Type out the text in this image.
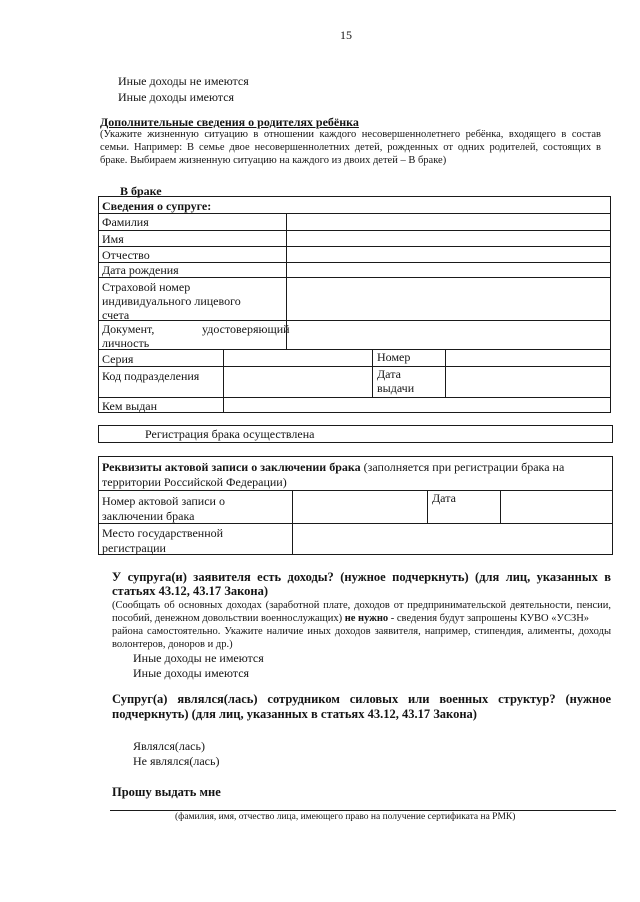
15
Иные доходы не имеются
Иные доходы имеются
Дополнительные сведения о родителях ребёнка
(Укажите жизненную ситуацию в отношении каждого несовершеннолетнего ребёнка, входящего в состав
семьи. Например: В семье двое несовершеннолетних детей, рожденных от одних родителей, состоящих в
браке. Выбираем жизненную ситуацию на каждого из двоих детей – В браке)
В браке
Сведения о супруге:
Фамилия
Имя
Отчество
Дата рождения
Страховой номер
индивидуального лицевого
счета
Документ,	удостоверяющий
личность
Серия	Номер
Код подразделения	Дата
выдачи
Кем выдан
Регистрация брака осуществлена
Реквизиты актовой записи о заключении брака (заполняется при регистрации брака на
территории Российской Федерации)
Номер актовой записи о
заключении брака
Дата
Место государственной
регистрации
У супруга(и) заявителя есть доходы? (нужное подчеркнуть) (для лиц, указанных в
статьях 43.12, 43.17 Закона)
(Сообщать об основных доходах (заработной плате, доходов от предпринимательской деятельности, пенсии,
пособий, денежном довольствии военнослужащих) не нужно - сведения будут запрошены КУВО «УСЗН»
района самостоятельно. Укажите наличие иных доходов заявителя, например, стипендия, алименты, доходы
волонтеров, доноров и др.)
Иные доходы не имеются
Иные доходы имеются
Супруг(а) являлся(лась) сотрудником силовых или военных структур? (нужное
подчеркнуть) (для лиц, указанных в статьях 43.12, 43.17 Закона)
Являлся(лась)
Не являлся(лась)
Прошу выдать мне
(фамилия, имя, отчество лица, имеющего право на получение сертификата на РМК)
